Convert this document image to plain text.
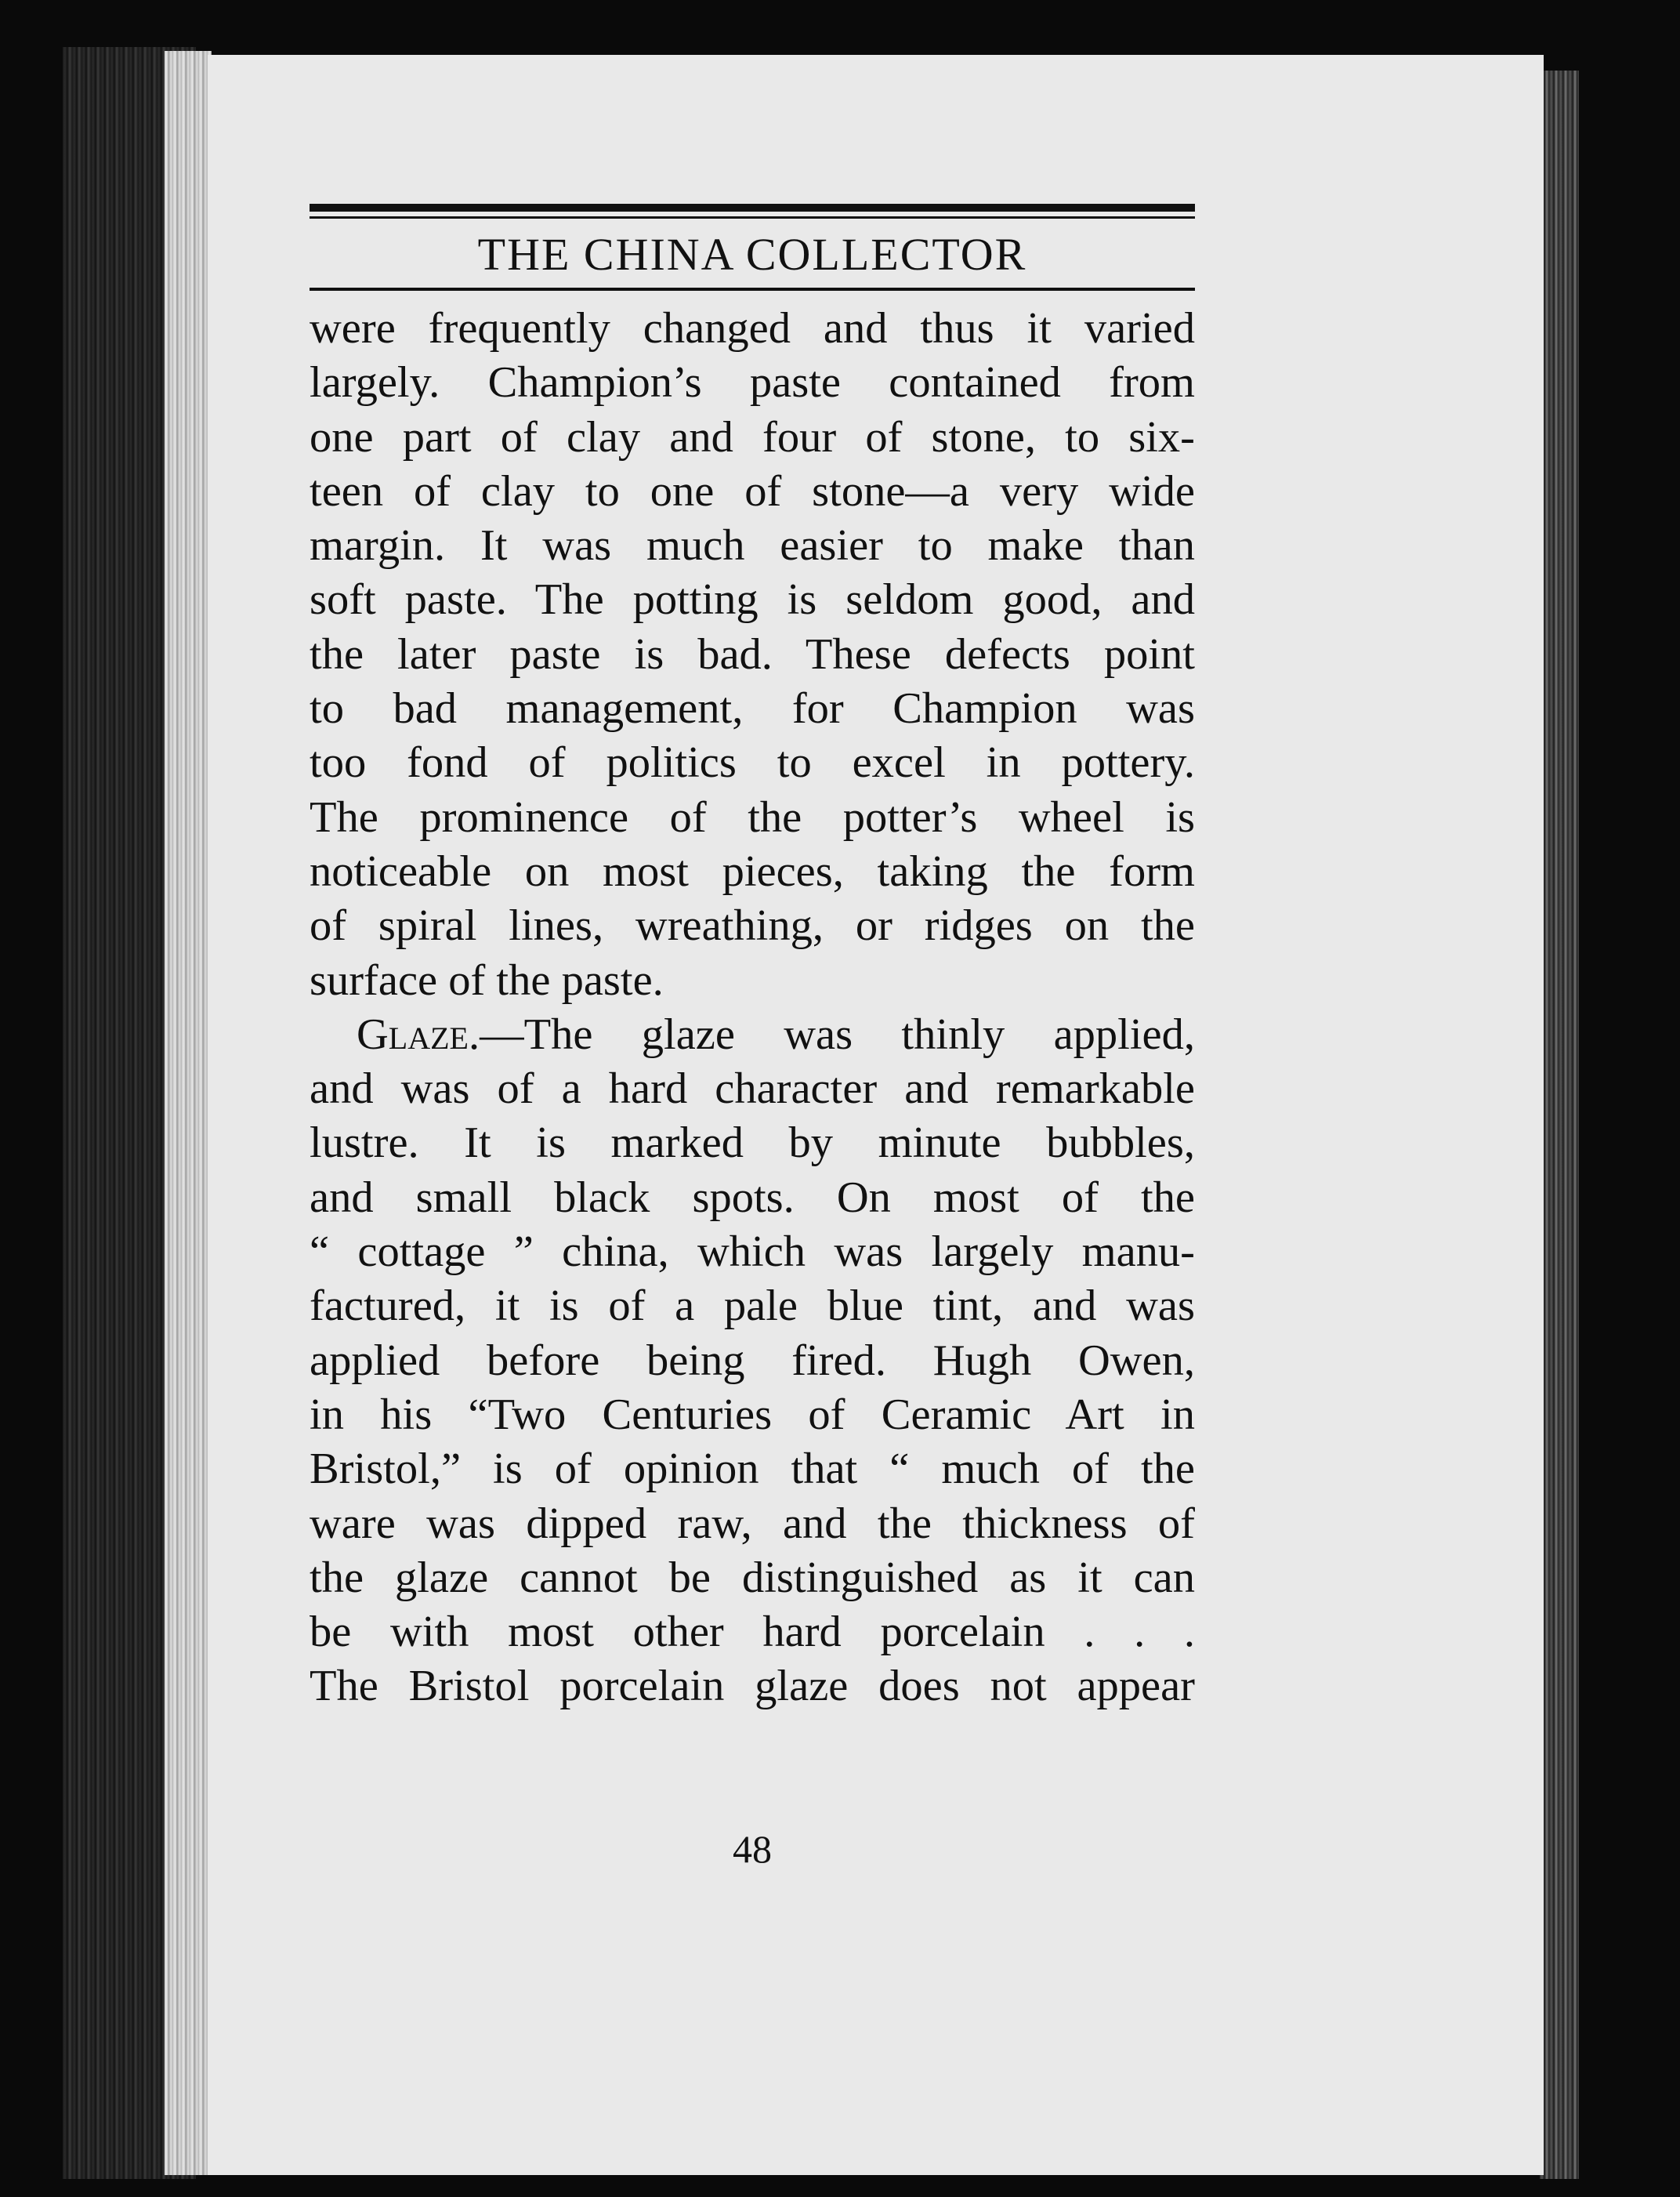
THE CHINA COLLECTOR
were frequently changed and thus it varied
largely. Champion’s paste contained from
one part of clay and four of stone, to six-
teen of clay to one of stone—a very wide
margin. It was much easier to make than
soft paste. The potting is seldom good, and
the later paste is bad. These defects point
to bad management, for Champion was
too fond of politics to excel in pottery.
The prominence of the potter’s wheel is
noticeable on most pieces, taking the form
of spiral lines, wreathing, or ridges on the
surface of the paste.
Glaze.—The glaze was thinly applied,
and was of a hard character and remarkable
lustre. It is marked by minute bubbles,
and small black spots. On most of the
“ cottage ” china, which was largely manu-
factured, it is of a pale blue tint, and was
applied before being fired. Hugh Owen,
in his “Two Centuries of Ceramic Art in
Bristol,” is of opinion that “ much of the
ware was dipped raw, and the thickness of
the glaze cannot be distinguished as it can
be with most other hard porcelain . . .
The Bristol porcelain glaze does not appear
48
